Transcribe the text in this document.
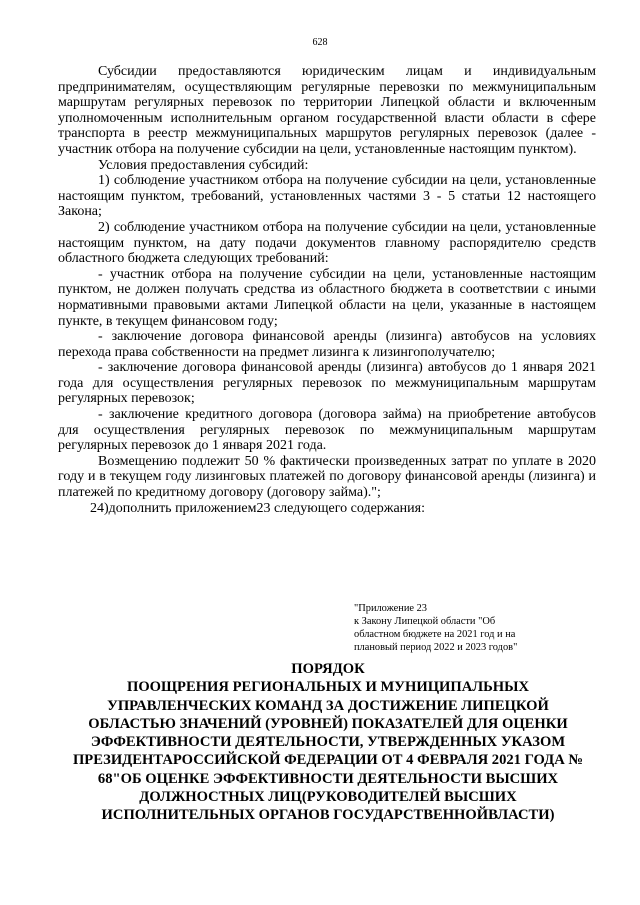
628

Субсидии предоставляются юридическим лицам и индивидуальным предпринимателям, осуществляющим регулярные перевозки по межмуниципальным маршрутам регулярных перевозок по территории Липецкой области и включенным уполномоченным исполнительным органом государственной власти области в сфере транспорта в реестр межмуниципальных маршрутов регулярных перевозок (далее - участник отбора на получение субсидии на цели, установленные настоящим пунктом).

Условия предоставления субсидий:

1) соблюдение участником отбора на получение субсидии на цели, установленные настоящим пунктом, требований, установленных частями 3 - 5 статьи 12 настоящего Закона;

2) соблюдение участником отбора на получение субсидии на цели, установленные настоящим пунктом, на дату подачи документов главному распорядителю средств областного бюджета следующих требований:

- участник отбора на получение субсидии на цели, установленные настоящим пунктом, не должен получать средства из областного бюджета в соответствии с иными нормативными правовыми актами Липецкой области на цели, указанные в настоящем пункте, в текущем финансовом году;

- заключение договора финансовой аренды (лизинга) автобусов на условиях перехода права собственности на предмет лизинга к лизингополучателю;

- заключение договора финансовой аренды (лизинга) автобусов до 1 января 2021 года для осуществления регулярных перевозок по межмуниципальным маршрутам регулярных перевозок;

- заключение кредитного договора (договора займа) на приобретение автобусов для осуществления регулярных перевозок по межмуниципальным маршрутам регулярных перевозок до 1 января 2021 года.

Возмещению подлежит 50 % фактически произведенных затрат по уплате в 2020 году и в текущем году лизинговых платежей по договору финансовой аренды (лизинга) и платежей по кредитному договору (договору займа).";

24)дополнить приложением23 следующего содержания:

"Приложение 23
к Закону Липецкой области "Об
областном бюджете на 2021 год и на
плановый период 2022 и 2023 годов"
ПОРЯДОК
ПООЩРЕНИЯ РЕГИОНАЛЬНЫХ И МУНИЦИПАЛЬНЫХ
УПРАВЛЕНЧЕСКИХ КОМАНД ЗА ДОСТИЖЕНИЕ ЛИПЕЦКОЙ
ОБЛАСТЬЮ ЗНАЧЕНИЙ (УРОВНЕЙ) ПОКАЗАТЕЛЕЙ ДЛЯ ОЦЕНКИ
ЭФФЕКТИВНОСТИ ДЕЯТЕЛЬНОСТИ, УТВЕРЖДЕННЫХ УКАЗОМ
ПРЕЗИДЕНТАРОССИЙСКОЙ ФЕДЕРАЦИИ ОТ 4 ФЕВРАЛЯ 2021 ГОДА №
68"ОБ ОЦЕНКЕ ЭФФЕКТИВНОСТИ ДЕЯТЕЛЬНОСТИ ВЫСШИХ
ДОЛЖНОСТНЫХ ЛИЦ(РУКОВОДИТЕЛЕЙ ВЫСШИХ
ИСПОЛНИТЕЛЬНЫХ ОРГАНОВ ГОСУДАРСТВЕННОЙВЛАСТИ)
